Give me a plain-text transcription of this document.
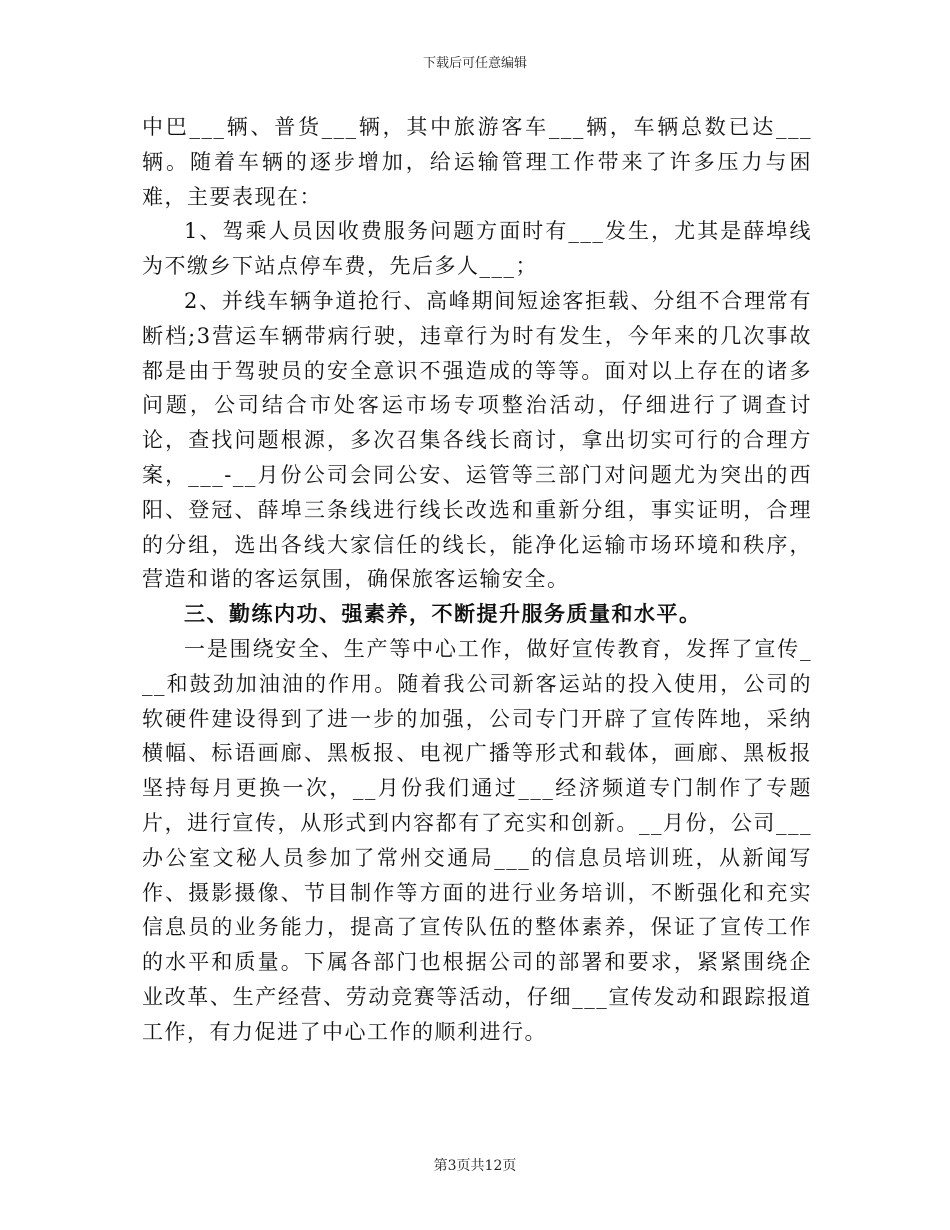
下载后可任意编辑

中巴___辆、普货___辆，其中旅游客车___辆，车辆总数已达___辆。随着车辆的逐步增加，给运输管理工作带来了许多压力与困难，主要表现在：

1、驾乘人员因收费服务问题方面时有___发生，尤其是薛埠线为不缴乡下站点停车费，先后多人___；

2、并线车辆争道抢行、高峰期间短途客拒载、分组不合理常有断档;3营运车辆带病行驶，违章行为时有发生，今年来的几次事故都是由于驾驶员的安全意识不强造成的等等。面对以上存在的诸多问题，公司结合市处客运市场专项整治活动，仔细进行了调查讨论，查找问题根源，多次召集各线长商讨，拿出切实可行的合理方案，___-__月份公司会同公安、运管等三部门对问题尤为突出的西阳、登冠、薛埠三条线进行线长改选和重新分组，事实证明，合理的分组，选出各线大家信任的线长，能净化运输市场环境和秩序，营造和谐的客运氛围，确保旅客运输安全。

三、勤练内功、强素养，不断提升服务质量和水平。

一是围绕安全、生产等中心工作，做好宣传教育，发挥了宣传___和鼓劲加油油的作用。随着我公司新客运站的投入使用，公司的软硬件建设得到了进一步的加强，公司专门开辟了宣传阵地，采纳横幅、标语画廊、黑板报、电视广播等形式和载体，画廊、黑板报坚持每月更换一次，__月份我们通过___经济频道专门制作了专题片，进行宣传，从形式到内容都有了充实和创新。__月份，公司___办公室文秘人员参加了常州交通局___的信息员培训班，从新闻写作、摄影摄像、节目制作等方面的进行业务培训，不断强化和充实信息员的业务能力，提高了宣传队伍的整体素养，保证了宣传工作的水平和质量。下属各部门也根据公司的部署和要求，紧紧围绕企业改革、生产经营、劳动竞赛等活动，仔细___宣传发动和跟踪报道工作，有力促进了中心工作的顺利进行。

第3页共12页
